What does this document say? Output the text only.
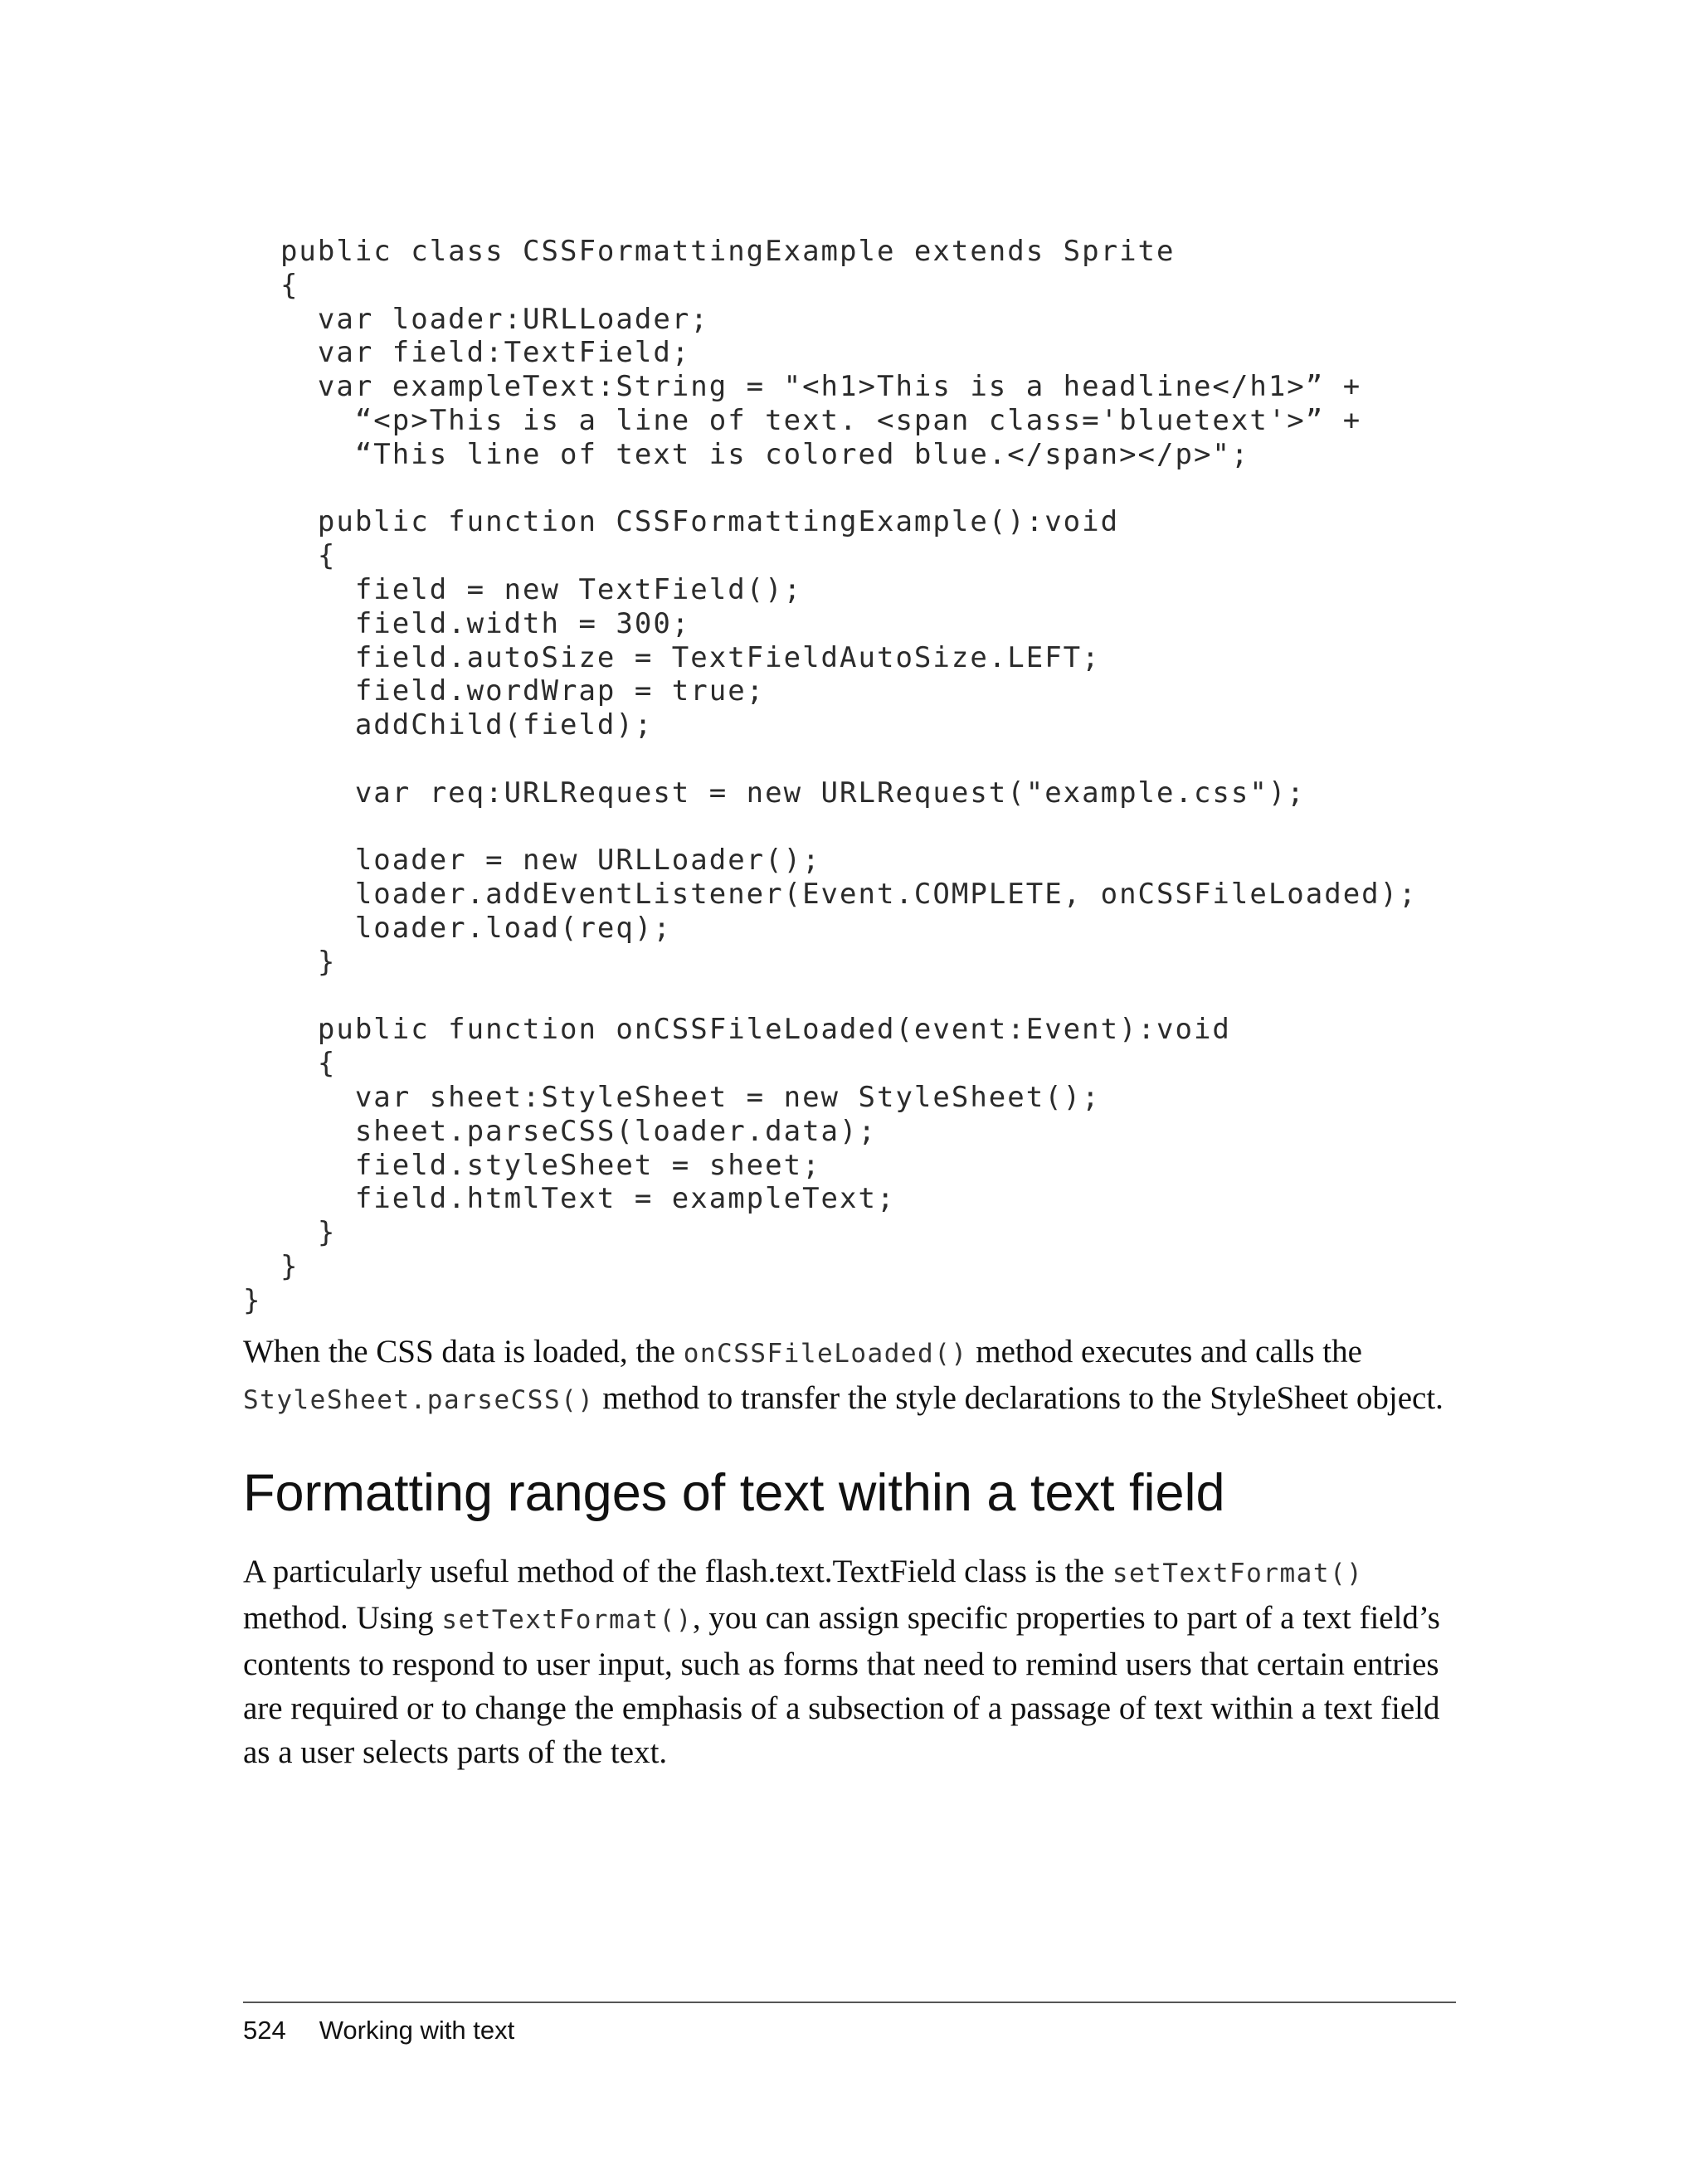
public class CSSFormattingExample extends Sprite
{
var loader:URLLoader;
var field:TextField;
var exampleText:String = "<h1>This is a headline</h1>” +
“<p>This is a line of text. <span class='bluetext'>” +
“This line of text is colored blue.</span></p>";
public function CSSFormattingExample():void
{
field = new TextField();
field.width = 300;
field.autoSize = TextFieldAutoSize.LEFT;
field.wordWrap = true;
addChild(field);
var req:URLRequest = new URLRequest("example.css");
loader = new URLLoader();
loader.addEventListener(Event.COMPLETE, onCSSFileLoaded);
loader.load(req);
}
public function onCSSFileLoaded(event:Event):void
{
var sheet:StyleSheet = new StyleSheet();
sheet.parseCSS(loader.data);
field.styleSheet = sheet;
field.htmlText = exampleText;
}
}
}

When the CSS data is loaded, the onCSSFileLoaded() method executes and calls the StyleSheet.parseCSS() method to transfer the style declarations to the StyleSheet object.

Formatting ranges of text within a text field

A particularly useful method of the flash.text.TextField class is the setTextFormat() method. Using setTextFormat(), you can assign specific properties to part of a text field’s contents to respond to user input, such as forms that need to remind users that certain entries are required or to change the emphasis of a subsection of a passage of text within a text field as a user selects parts of the text.

524 Working with text
